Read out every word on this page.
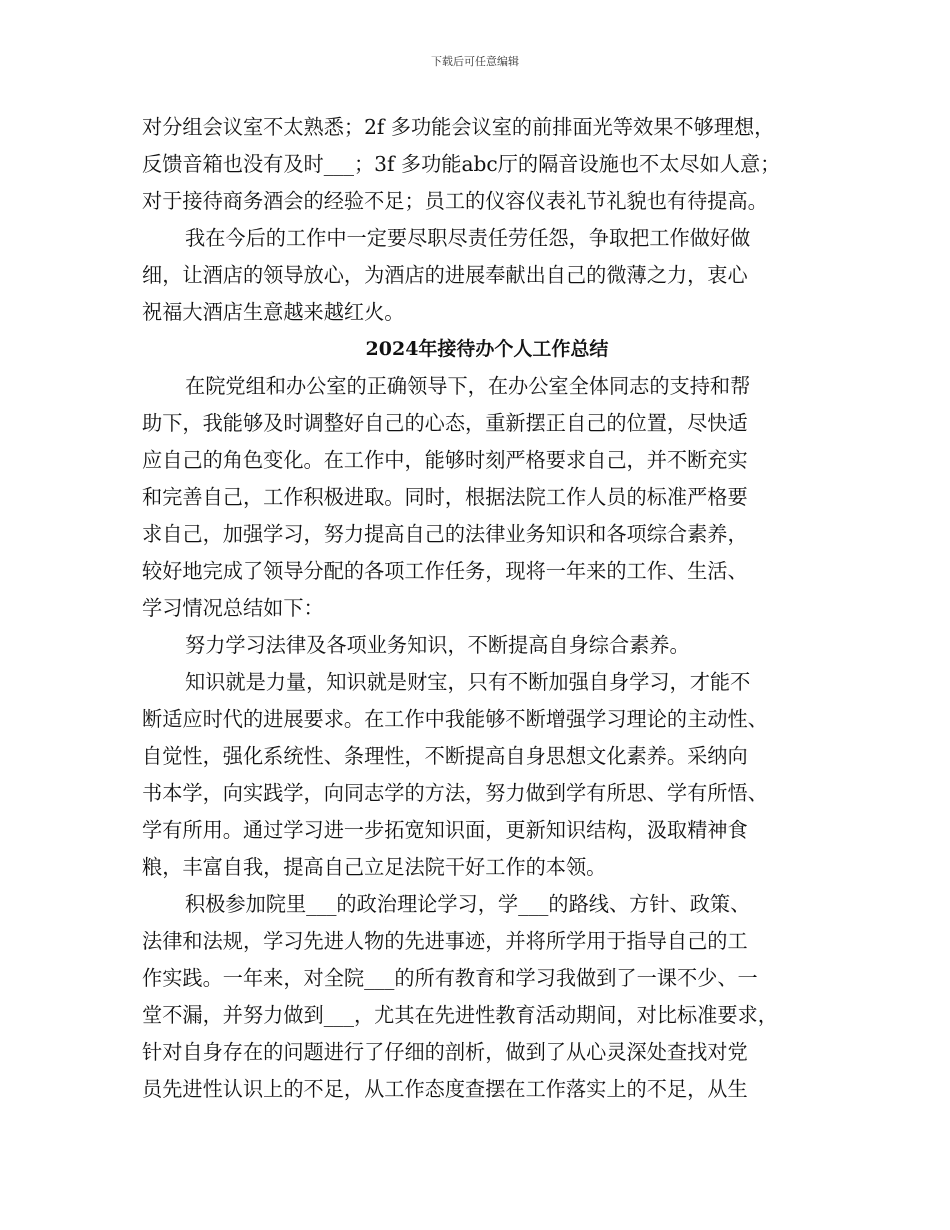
下载后可任意编辑
对分组会议室不太熟悉；2f 多功能会议室的前排面光等效果不够理想，
反馈音箱也没有及时___；3f 多功能abc厅的隔音设施也不太尽如人意；
对于接待商务酒会的经验不足；员工的仪容仪表礼节礼貌也有待提高。
我在今后的工作中一定要尽职尽责任劳任怨，争取把工作做好做
细，让酒店的领导放心，为酒店的进展奉献出自己的微薄之力，衷心
祝福大酒店生意越来越红火。
2024年接待办个人工作总结
在院党组和办公室的正确领导下，在办公室全体同志的支持和帮
助下，我能够及时调整好自己的心态，重新摆正自己的位置，尽快适
应自己的角色变化。在工作中，能够时刻严格要求自己，并不断充实
和完善自己，工作积极进取。同时，根据法院工作人员的标准严格要
求自己，加强学习，努力提高自己的法律业务知识和各项综合素养，
较好地完成了领导分配的各项工作任务，现将一年来的工作、生活、
学习情况总结如下：
努力学习法律及各项业务知识，不断提高自身综合素养。
知识就是力量，知识就是财宝，只有不断加强自身学习，才能不
断适应时代的进展要求。在工作中我能够不断增强学习理论的主动性、
自觉性，强化系统性、条理性，不断提高自身思想文化素养。采纳向
书本学，向实践学，向同志学的方法，努力做到学有所思、学有所悟、
学有所用。通过学习进一步拓宽知识面，更新知识结构，汲取精神食
粮，丰富自我，提高自己立足法院干好工作的本领。
积极参加院里___的政治理论学习，学___的路线、方针、政策、
法律和法规，学习先进人物的先进事迹，并将所学用于指导自己的工
作实践。一年来，对全院___的所有教育和学习我做到了一课不少、一
堂不漏，并努力做到___，尤其在先进性教育活动期间，对比标准要求，
针对自身存在的问题进行了仔细的剖析，做到了从心灵深处查找对党
员先进性认识上的不足，从工作态度查摆在工作落实上的不足，从生
